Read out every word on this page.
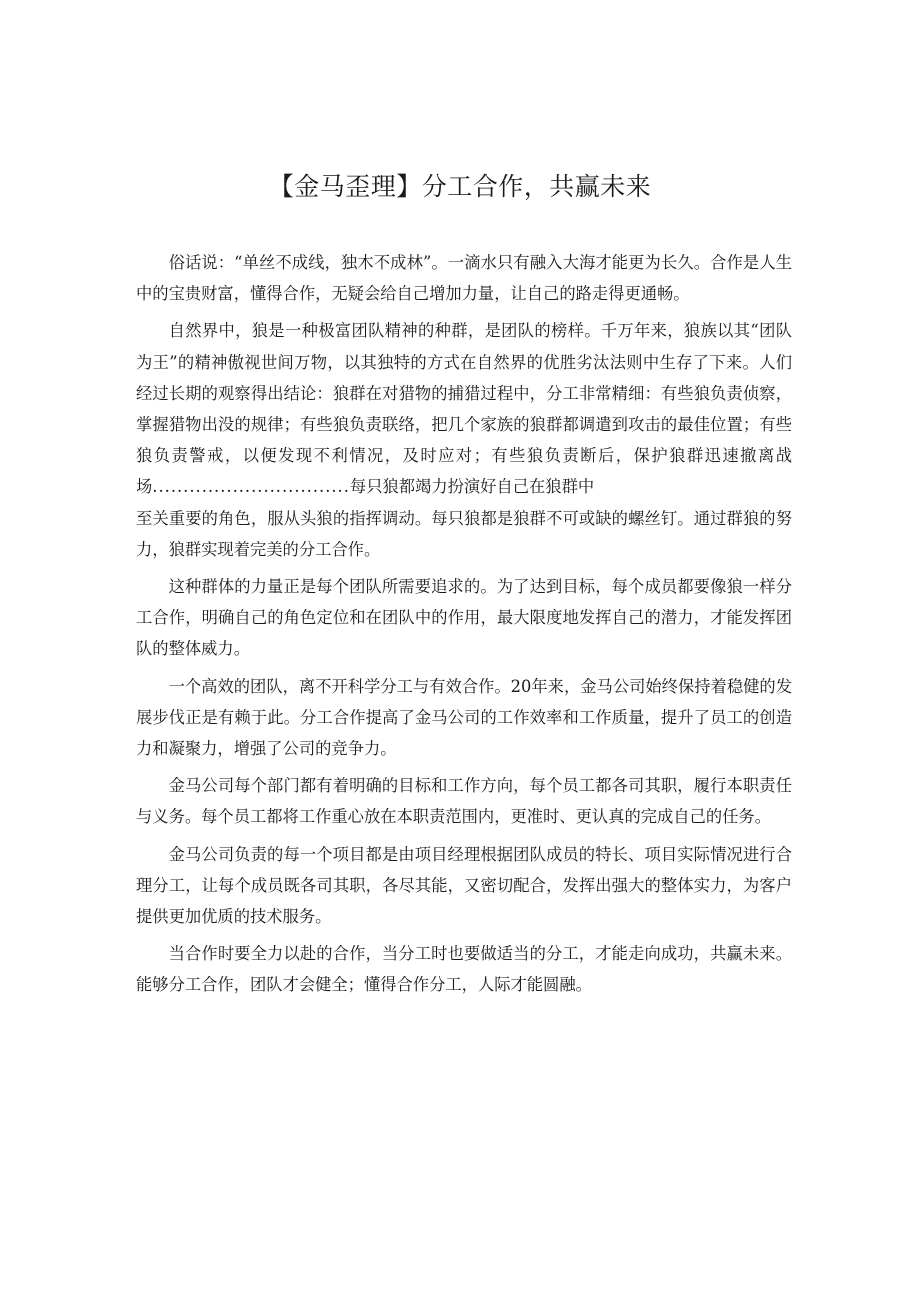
【金马歪理】分工合作，共赢未来

俗话说：“单丝不成线，独木不成林”。一滴水只有融入大海才能更为长久。合作是人生中的宝贵财富，懂得合作，无疑会给自己增加力量，让自己的路走得更通畅。

自然界中，狼是一种极富团队精神的种群，是团队的榜样。千万年来，狼族以其“团队为王”的精神傲视世间万物，以其独特的方式在自然界的优胜劣汰法则中生存了下来。人们经过长期的观察得出结论：狼群在对猎物的捕猎过程中，分工非常精细：有些狼负责侦察，掌握猎物出没的规律；有些狼负责联络，把几个家族的狼群都调遣到攻击的最佳位置；有些狼负责警戒，以便发现不利情况，及时应对；有些狼负责断后，保护狼群迅速撤离战场................................每只狼都竭力扮演好自己在狼群中
至关重要的角色，服从头狼的指挥调动。每只狼都是狼群不可或缺的螺丝钉。通过群狼的努力，狼群实现着完美的分工合作。

这种群体的力量正是每个团队所需要追求的。为了达到目标，每个成员都要像狼一样分工合作，明确自己的角色定位和在团队中的作用，最大限度地发挥自己的潜力，才能发挥团队的整体威力。

一个高效的团队，离不开科学分工与有效合作。20年来，金马公司始终保持着稳健的发展步伐正是有赖于此。分工合作提高了金马公司的工作效率和工作质量，提升了员工的创造力和凝聚力，增强了公司的竞争力。

金马公司每个部门都有着明确的目标和工作方向，每个员工都各司其职，履行本职责任与义务。每个员工都将工作重心放在本职责范围内，更准时、更认真的完成自己的任务。

金马公司负责的每一个项目都是由项目经理根据团队成员的特长、项目实际情况进行合理分工，让每个成员既各司其职，各尽其能，又密切配合，发挥出强大的整体实力，为客户提供更加优质的技术服务。

当合作时要全力以赴的合作，当分工时也要做适当的分工，才能走向成功，共赢未来。能够分工合作，团队才会健全；懂得合作分工，人际才能圆融。
